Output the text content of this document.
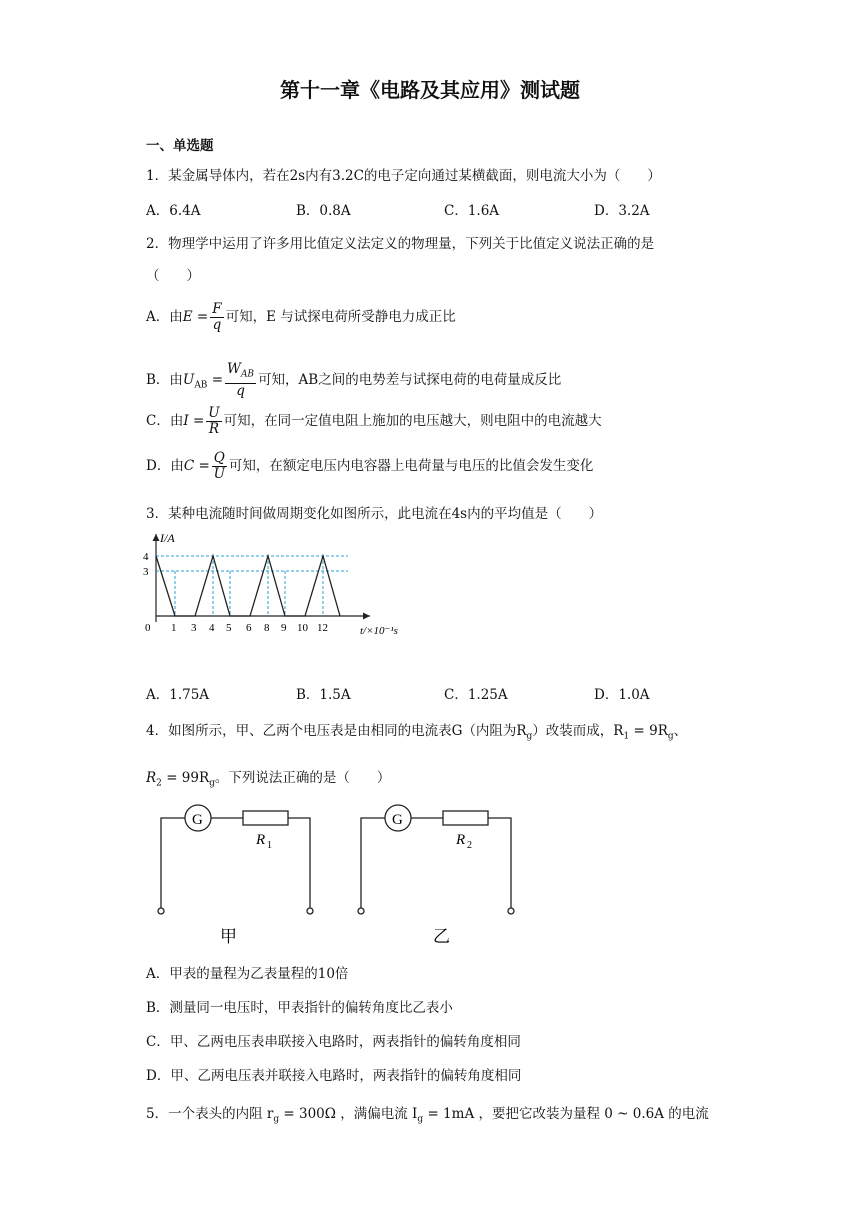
第十一章《电路及其应用》测试题
一、单选题
1．某金属导体内，若在2s内有3.2C的电子定向通过某横截面，则电流大小为（　　）
A．6.4A	B．0.8A	C．1.6A	D．3.2A
2．物理学中运用了许多用比值定义法定义的物理量，下列关于比值定义说法正确的是
（　　）
A．由$E = \frac{F}{q}$ 可知，E 与试探电荷所受静电力成正比
B．由$U_{AB} = \frac{W_{AB}}{q}$ 可知，AB之间的电势差与试探电荷的电荷量成反比
C．由$I = \frac{U}{R}$ 可知，在同一定值电阻上施加的电压越大，则电阻中的电流越大
D．由$C = \frac{Q}{U}$ 可知，在额定电压内电容器上电荷量与电压的比值会发生变化
3．某种电流随时间做周期变化如图所示，此电流在4s内的平均值是（　　）
I/A
4
3
0 1 3 4 5 6 8 9 10 12	t/×10⁻¹s
A．1.75A	B．1.5A	C．1.25A	D．1.0A
4．如图所示，甲、乙两个电压表是由相同的电流表G（内阻为$R_g$）改装而成，$R_1 = 9R_g$、
$R_2 = 99R_g$。下列说法正确的是（　　）
G	G
R 1	R 2
甲	乙
A．甲表的量程为乙表量程的10倍
B．测量同一电压时，甲表指针的偏转角度比乙表小
C．甲、乙两电压表串联接入电路时，两表指针的偏转角度相同
D．甲、乙两电压表并联接入电路时，两表指针的偏转角度相同
5．一个表头的内阻 $r_g = 300\Omega$ ，满偏电流 $I_g = 1mA$ ，要把它改装为量程 0 ~ 0.6A 的电流
